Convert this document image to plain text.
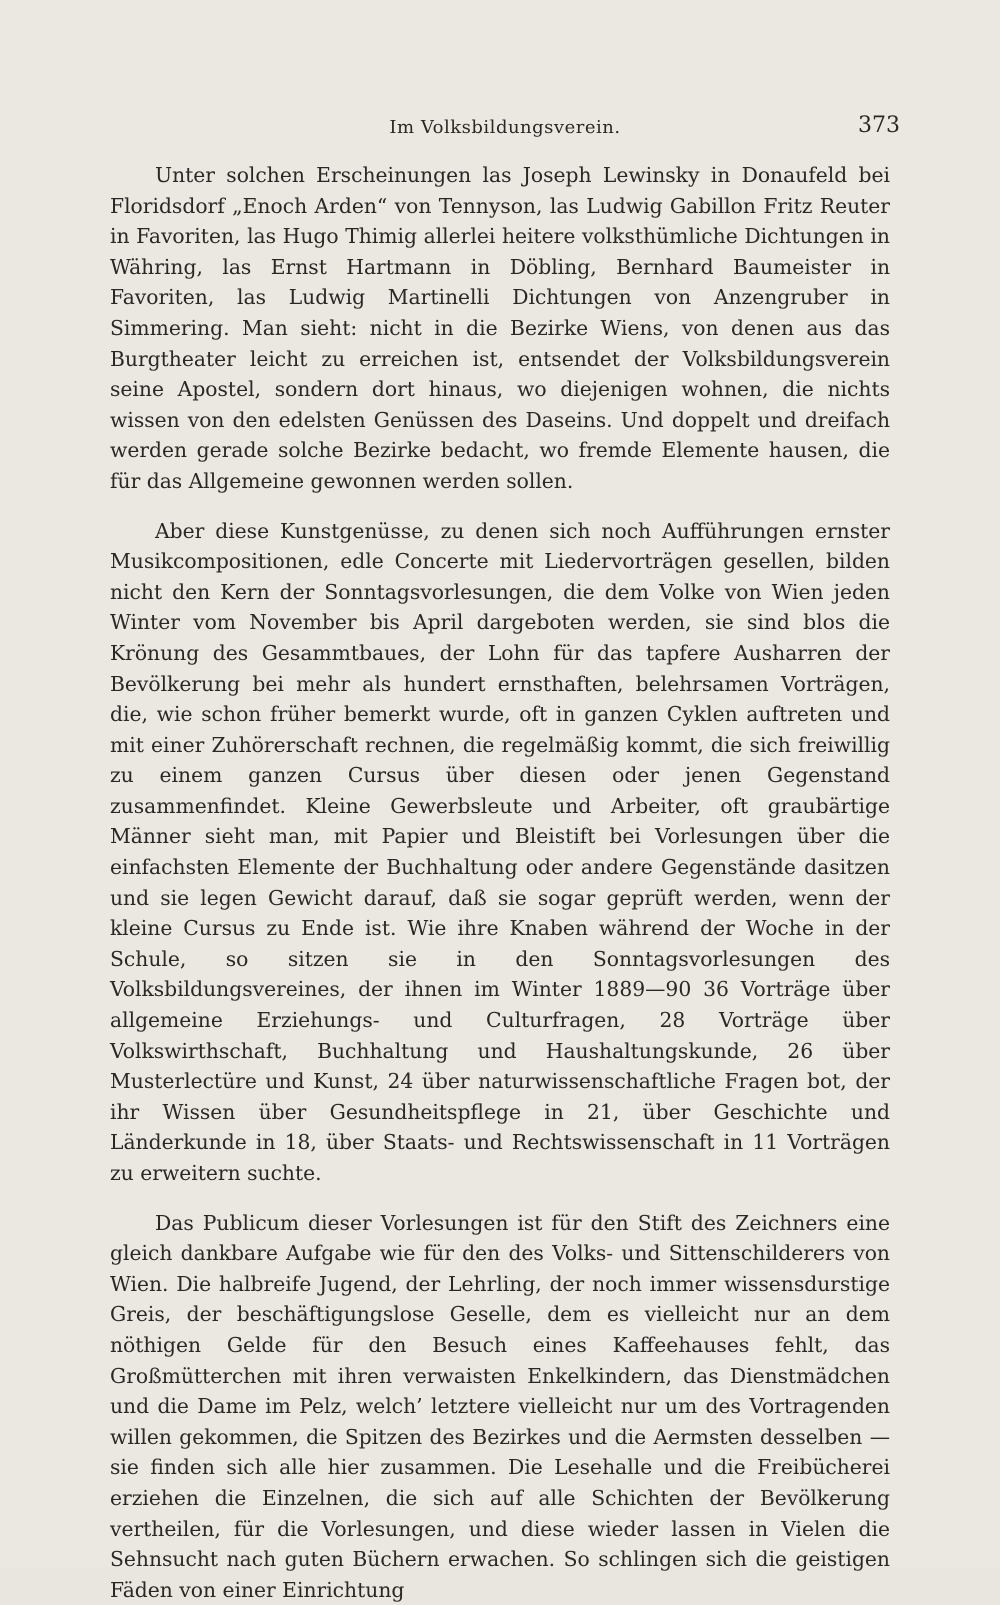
Im Volksbildungsverein.	373

Unter solchen Erscheinungen las Joseph Lewinsky in Donaufeld bei Floridsdorf „Enoch Arden“ von Tennyson, las Ludwig Gabillon Fritz Reuter in Favoriten, las Hugo Thimig allerlei heitere volksthümliche Dichtungen in Währing, las Ernst Hartmann in Döbling, Bernhard Baumeister in Favoriten, las Ludwig Martinelli Dichtungen von Anzengruber in Simmering. Man sieht: nicht in die Bezirke Wiens, von denen aus das Burgtheater leicht zu erreichen ist, entsendet der Volksbildungsverein seine Apostel, sondern dort hinaus, wo diejenigen wohnen, die nichts wissen von den edelsten Genüssen des Daseins. Und doppelt und dreifach werden gerade solche Bezirke bedacht, wo fremde Elemente hausen, die für das Allgemeine gewonnen werden sollen.

Aber diese Kunstgenüsse, zu denen sich noch Aufführungen ernster Musikcompositionen, edle Concerte mit Liedervorträgen gesellen, bilden nicht den Kern der Sonntagsvorlesungen, die dem Volke von Wien jeden Winter vom November bis April dargeboten werden, sie sind blos die Krönung des Gesammtbaues, der Lohn für das tapfere Ausharren der Bevölkerung bei mehr als hundert ernsthaften, belehrsamen Vorträgen, die, wie schon früher bemerkt wurde, oft in ganzen Cyklen auftreten und mit einer Zuhörerschaft rechnen, die regelmäßig kommt, die sich freiwillig zu einem ganzen Cursus über diesen oder jenen Gegenstand zusammenfindet. Kleine Gewerbsleute und Arbeiter, oft graubärtige Männer sieht man, mit Papier und Bleistift bei Vorlesungen über die einfachsten Elemente der Buchhaltung oder andere Gegenstände dasitzen und sie legen Gewicht darauf, daß sie sogar geprüft werden, wenn der kleine Cursus zu Ende ist. Wie ihre Knaben während der Woche in der Schule, so sitzen sie in den Sonntagsvorlesungen des Volksbildungsvereines, der ihnen im Winter 1889—90 36 Vorträge über allgemeine Erziehungs- und Culturfragen, 28 Vorträge über Volkswirthschaft, Buchhaltung und Haushaltungskunde, 26 über Musterlectüre und Kunst, 24 über naturwissenschaftliche Fragen bot, der ihr Wissen über Gesundheitspflege in 21, über Geschichte und Länderkunde in 18, über Staats- und Rechtswissenschaft in 11 Vorträgen zu erweitern suchte.

Das Publicum dieser Vorlesungen ist für den Stift des Zeichners eine gleich dankbare Aufgabe wie für den des Volks- und Sittenschilderers von Wien. Die halbreife Jugend, der Lehrling, der noch immer wissensdurstige Greis, der beschäftigungslose Geselle, dem es vielleicht nur an dem nöthigen Gelde für den Besuch eines Kaffeehauses fehlt, das Großmütterchen mit ihren verwaisten Enkelkindern, das Dienstmädchen und die Dame im Pelz, welch’ letztere vielleicht nur um des Vortragenden willen gekommen, die Spitzen des Bezirkes und die Aermsten desselben — sie finden sich alle hier zusammen. Die Lesehalle und die Freibücherei erziehen die Einzelnen, die sich auf alle Schichten der Bevölkerung vertheilen, für die Vorlesungen, und diese wieder lassen in Vielen die Sehnsucht nach guten Büchern erwachen. So schlingen sich die geistigen Fäden von einer Einrichtung
